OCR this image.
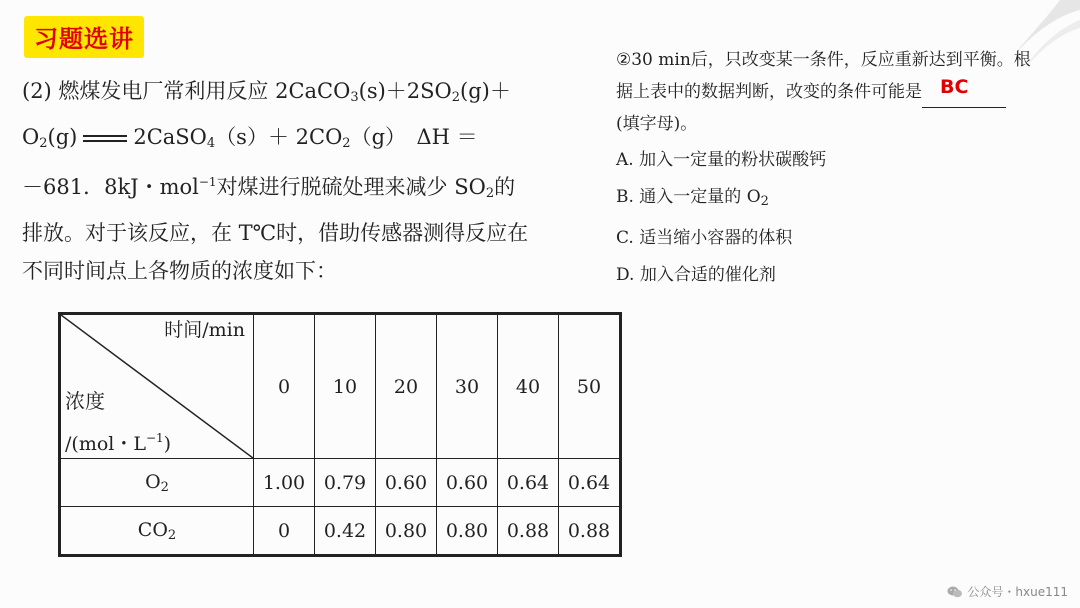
习题选讲

(2) 燃煤发电厂常利用反应 $2CaCO_3(s)+2SO_2(g)+$

$O_2(g)$	2CaSO$_4$（s）＋ $2CO_2(g)$　ΔH ＝

－681．8kJ・mol$^{-1}$对煤进行脱硫处理来减少 $SO_2$的

排放。对于该反应，在 T℃时，借助传感器测得反应在

不同时间点上各物质的浓度如下：

时间/min
浓度
/(mol・$L^{-1}$)	0	10	20	30	40	50
$O_2$	1.00	0.79	0.60	0.60	0.64	0.64
$CO_2$	0	0.42	0.80	0.80	0.88	0.88

②30 min后，只改变某一条件，反应重新达到平衡。根

据上表中的数据判断，改变的条件可能是 BC

(填字母)。

A. 加入一定量的粉状碳酸钙

B. 通入一定量的 $O_2$

C. 适当缩小容器的体积

D. 加入合适的催化剂

公众号・hxue111
